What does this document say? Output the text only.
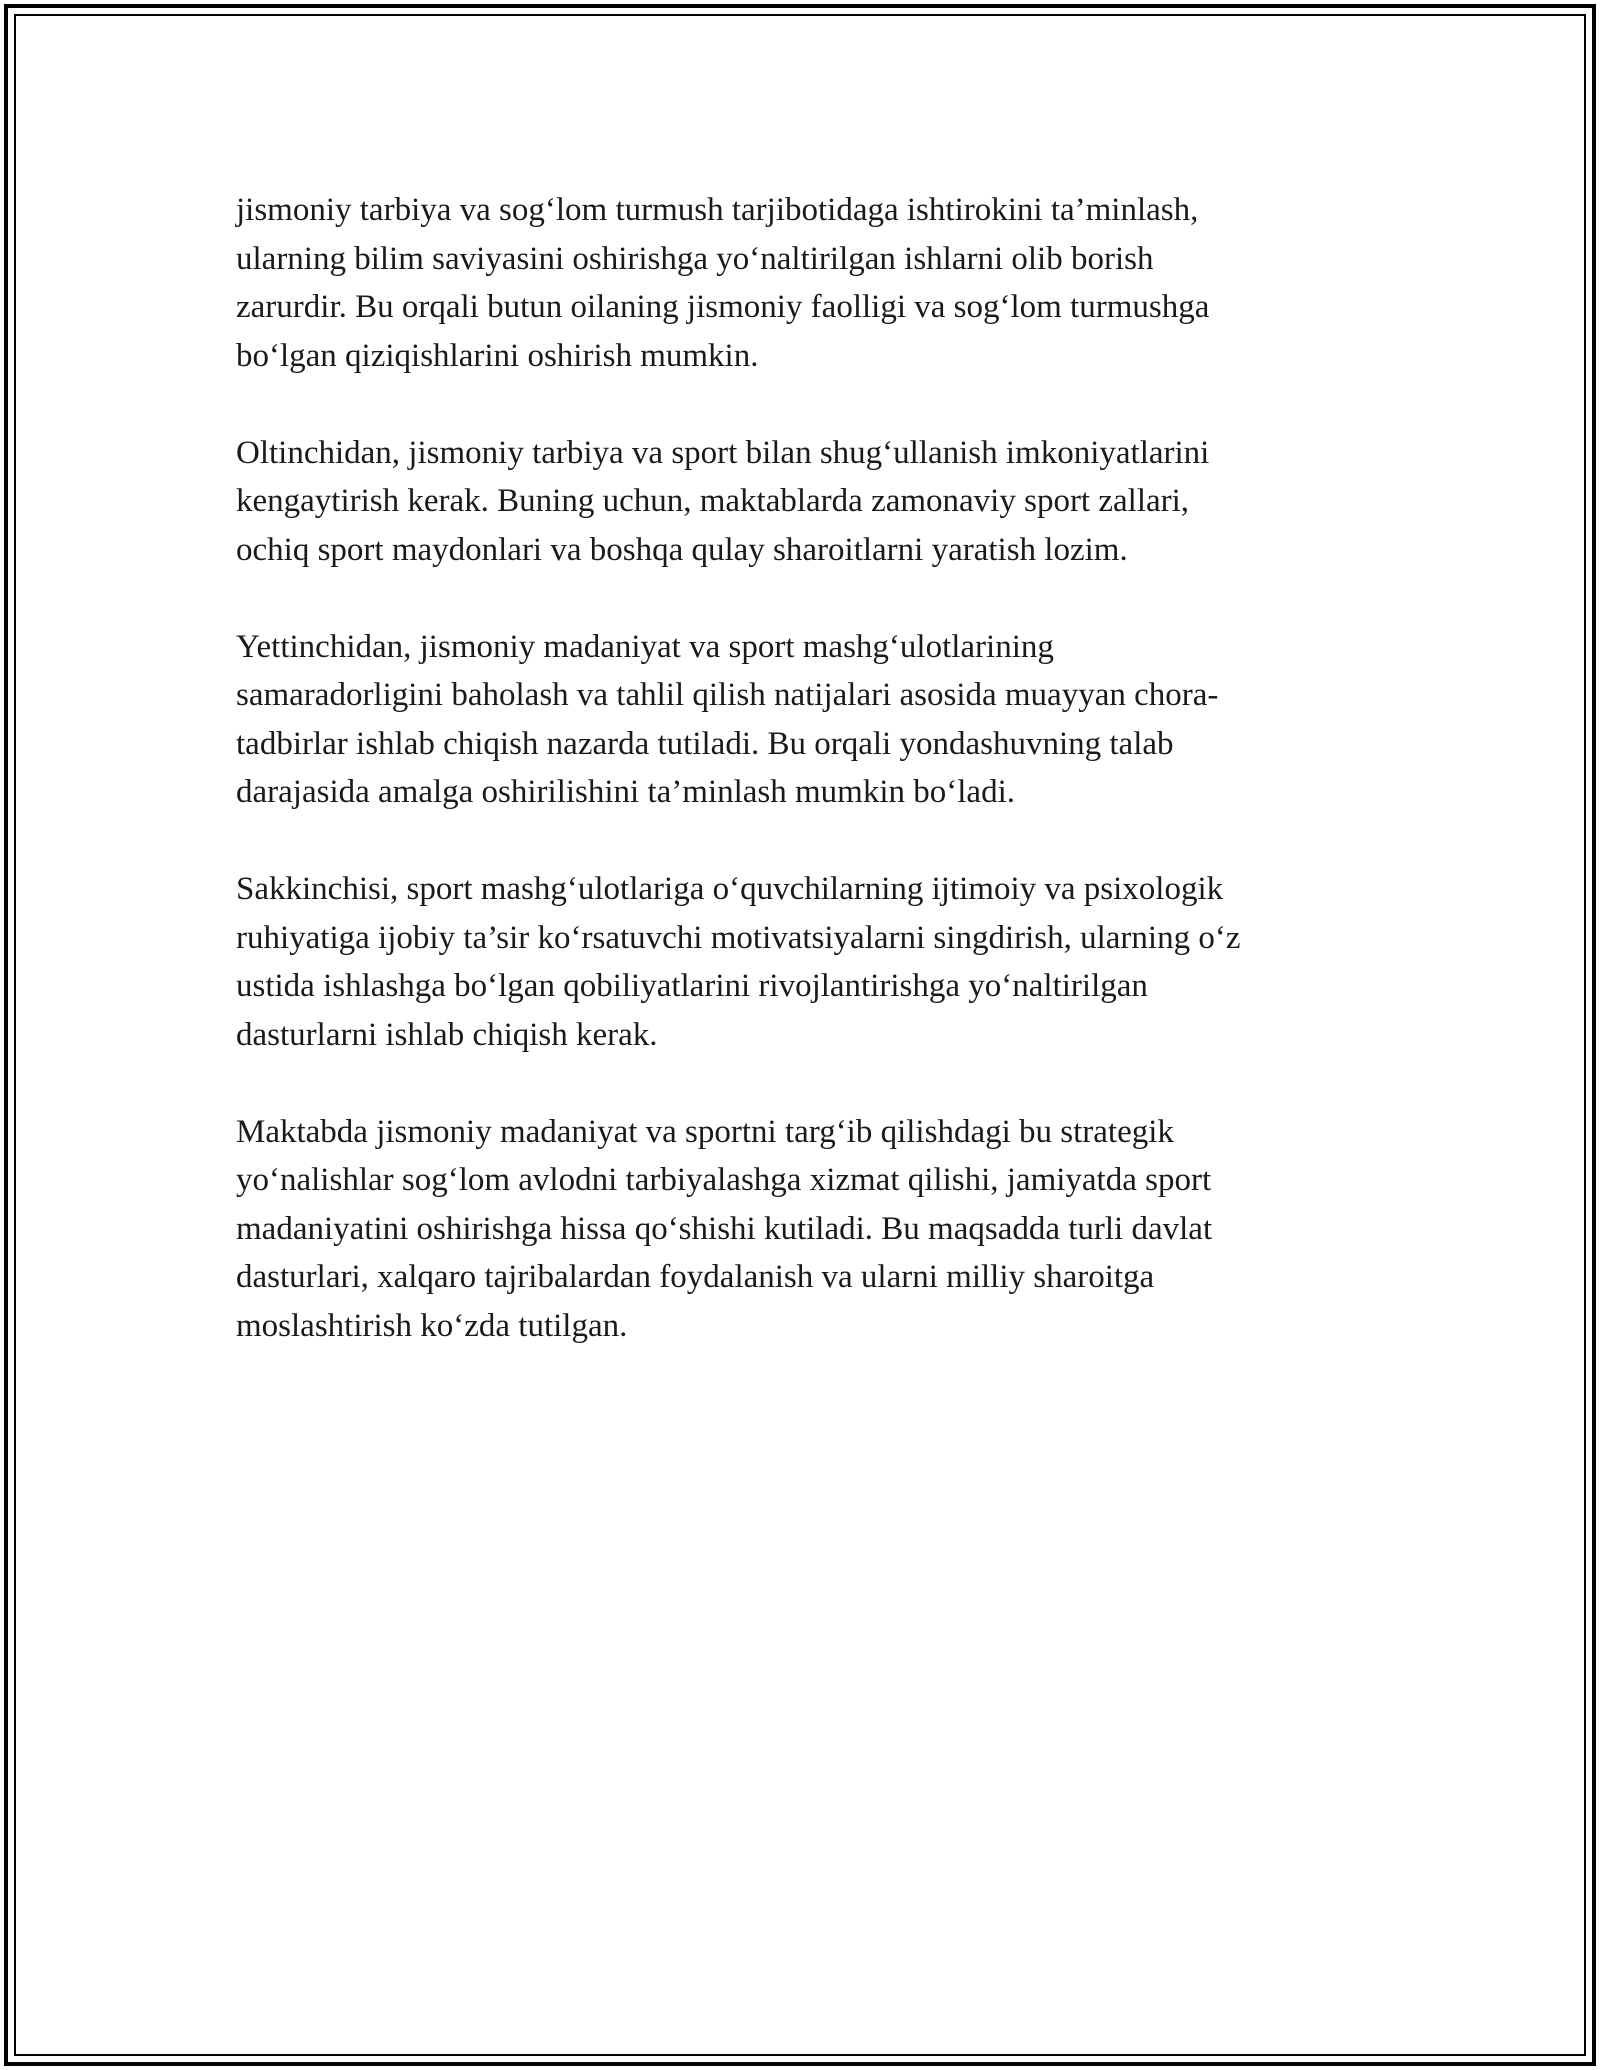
jismoniy tarbiya va sog‘lom turmush tarjibotidaga ishtirokini ta’minlash,
ularning bilim saviyasini oshirishga yo‘naltirilgan ishlarni olib borish
zarurdir. Bu orqali butun oilaning jismoniy faolligi va sog‘lom turmushga
bo‘lgan qiziqishlarini oshirish mumkin.

Oltinchidan, jismoniy tarbiya va sport bilan shug‘ullanish imkoniyatlarini
kengaytirish kerak. Buning uchun, maktablarda zamonaviy sport zallari,
ochiq sport maydonlari va boshqa qulay sharoitlarni yaratish lozim.

Yettinchidan, jismoniy madaniyat va sport mashg‘ulotlarining
samaradorligini baholash va tahlil qilish natijalari asosida muayyan chora-
tadbirlar ishlab chiqish nazarda tutiladi. Bu orqali yondashuvning talab
darajasida amalga oshirilishini ta’minlash mumkin bo‘ladi.

Sakkinchisi, sport mashg‘ulotlariga o‘quvchilarning ijtimoiy va psixologik
ruhiyatiga ijobiy ta’sir ko‘rsatuvchi motivatsiyalarni singdirish, ularning o‘z
ustida ishlashga bo‘lgan qobiliyatlarini rivojlantirishga yo‘naltirilgan
dasturlarni ishlab chiqish kerak.

Maktabda jismoniy madaniyat va sportni targ‘ib qilishdagi bu strategik
yo‘nalishlar sog‘lom avlodni tarbiyalashga xizmat qilishi, jamiyatda sport
madaniyatini oshirishga hissa qo‘shishi kutiladi. Bu maqsadda turli davlat
dasturlari, xalqaro tajribalardan foydalanish va ularni milliy sharoitga
moslashtirish ko‘zda tutilgan.
